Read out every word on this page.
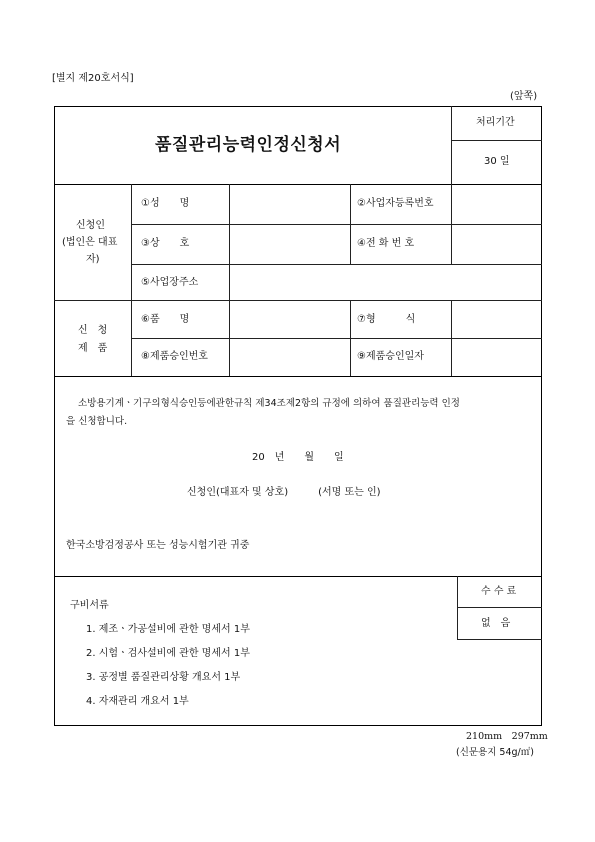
[별지 제20호서식]
(앞쪽)
품질관리능력인정신청서
처리기간
30 일
신청인
(법인은 대표
자)
①성　　명	②사업자등록번호
③상　　호	④전 화 번 호
⑤사업장주소
신　청
제　품
⑥품　　명	⑦형　　　식
⑧제품승인번호	⑨제품승인일자
소방용기계ㆍ기구의형식승인등에관한규칙 제34조제2항의 규정에 의하여 품질관리능력 인정
을 신청합니다.
20　년　　월　　일
신청인(대표자 및 상호)　　　(서명 또는 인)
한국소방검정공사 또는 성능시험기관 귀중
수 수 료
없　음
구비서류
1. 제조ㆍ가공설비에 관한 명세서 1부
2. 시험ㆍ검사설비에 관한 명세서 1부
3. 공정별 품질관리상황 개요서 1부
4. 자재관리 개요서 1부
210mm　297mm
(신문용지 54g/㎡)
